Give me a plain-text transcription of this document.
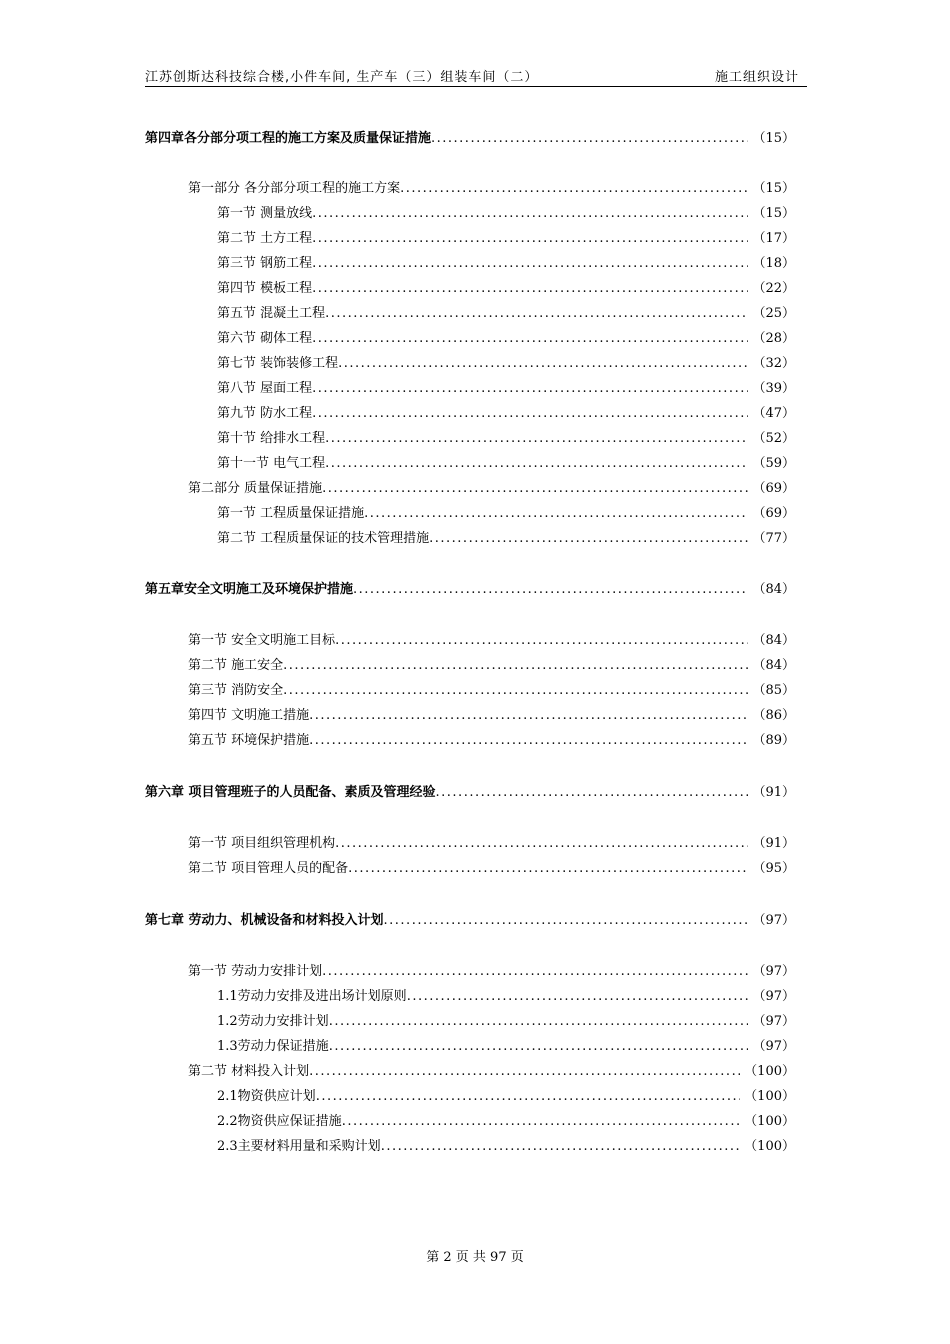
江苏创斯达科技综合楼,小件车间, 生产车（三）组装车间（二）	施工组织设计
第四章各分部分项工程的施工方案及质量保证措施 .....	（15）
第一部分 各分部分项工程的施工方案 .....	（15）
第一节 测量放线 .....	（15）
第二节 土方工程 .....	（17）
第三节 钢筋工程 .....	（18）
第四节 模板工程 .....	（22）
第五节 混凝土工程 .....	（25）
第六节 砌体工程 .....	（28）
第七节 装饰装修工程 .....	（32）
第八节 屋面工程 .....	（39）
第九节 防水工程 .....	（47）
第十节 给排水工程 .....	（52）
第十一节 电气工程 .....	（59）
第二部分 质量保证措施 .....	（69）
第一节 工程质量保证措施 .....	（69）
第二节 工程质量保证的技术管理措施 .....	（77）
第五章安全文明施工及环境保护措施 .....	（84）
第一节 安全文明施工目标 .....	（84）
第二节 施工安全 .....	（84）
第三节 消防安全 .....	（85）
第四节 文明施工措施 .....	（86）
第五节 环境保护措施 .....	（89）
第六章 项目管理班子的人员配备、素质及管理经验 .....	（91）
第一节 项目组织管理机构 .....	（91）
第二节 项目管理人员的配备 .....	（95）
第七章 劳动力、机械设备和材料投入计划 .....	（97）
第一节 劳动力安排计划 .....	（97）
1.1劳动力安排及进出场计划原则 .....	（97）
1.2劳动力安排计划 .....	（97）
1.3劳动力保证措施 .....	（97）
第二节 材料投入计划 .....	（100）
2.1物资供应计划 .....	（100）
2.2物资供应保证措施 .....	（100）
2.3主要材料用量和采购计划 .....	（100）
第 2 页 共 97 页
